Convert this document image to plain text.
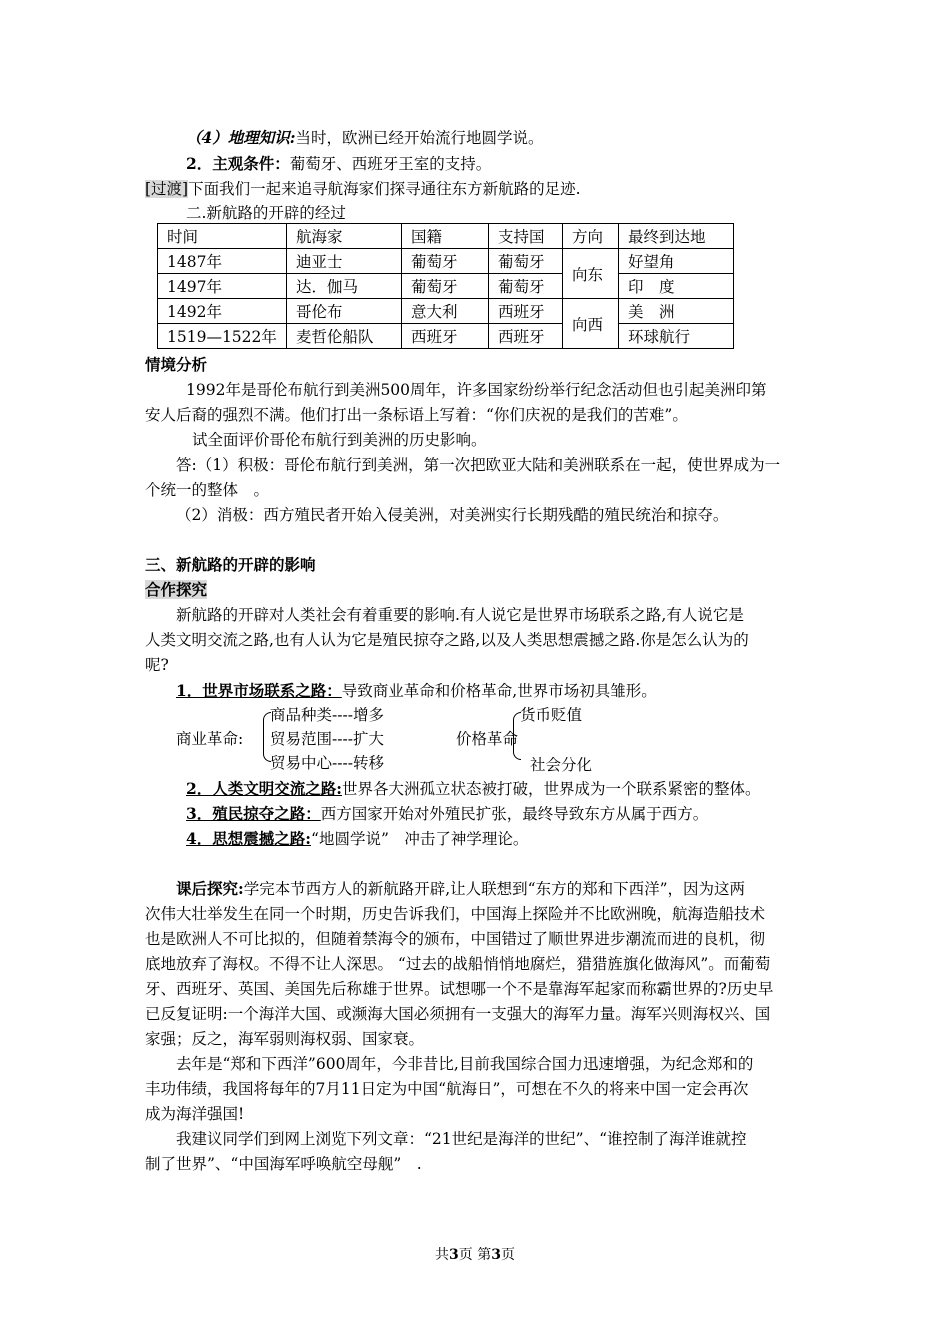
（4）地理知识:当时，欧洲已经开始流行地圆学说。
2．主观条件：葡萄牙、西班牙王室的支持。
[过渡]下面我们一起来追寻航海家们探寻通往东方新航路的足迹.
二.新航路的开辟的经过
时间	航海家	国籍	支持国	方向	最终到达地
1487年	迪亚士	葡萄牙	葡萄牙	向东	好望角
1497年	达．伽马	葡萄牙	葡萄牙		印　度
1492年	哥伦布	意大利	西班牙	向西	美　洲
1519—1522年	麦哲伦船队	西班牙	西班牙		环球航行
情境分析
1992年是哥伦布航行到美洲500周年，许多国家纷纷举行纪念活动但也引起美洲印第
安人后裔的强烈不满。他们打出一条标语上写着：“你们庆祝的是我们的苦难”。
试全面评价哥伦布航行到美洲的历史影响。
答:（1）积极：哥伦布航行到美洲，第一次把欧亚大陆和美洲联系在一起，使世界成为一
个统一的整体　。
（2）消极：西方殖民者开始入侵美洲，对美洲实行长期残酷的殖民统治和掠夺。
三、新航路的开辟的影响
合作探究
新航路的开辟对人类社会有着重要的影响.有人说它是世界市场联系之路,有人说它是
人类文明交流之路,也有人认为它是殖民掠夺之路,以及人类思想震撼之路.你是怎么认为的
呢?
1．世界市场联系之路：导致商业革命和价格革命,世界市场初具雏形。
商业革命:
商品种类----增多
贸易范围----扩大
贸易中心----转移
价格革命
货币贬值
社会分化
2．人类文明交流之路:世界各大洲孤立状态被打破，世界成为一个联系紧密的整体。
3．殖民掠夺之路：西方国家开始对外殖民扩张，最终导致东方从属于西方。
4．思想震撼之路:“地圆学说”　冲击了神学理论。
课后探究:学完本节西方人的新航路开辟,让人联想到“东方的郑和下西洋”，因为这两
次伟大壮举发生在同一个时期，历史告诉我们，中国海上探险并不比欧洲晚，航海造船技术
也是欧洲人不可比拟的，但随着禁海令的颁布，中国错过了顺世界进步潮流而进的良机，彻
底地放弃了海权。不得不让人深思。 “过去的战船悄悄地腐烂，猎猎旌旗化做海风”。而葡萄
牙、西班牙、英国、美国先后称雄于世界。试想哪一个不是靠海军起家而称霸世界的?历史早
已反复证明:一个海洋大国、或濒海大国必须拥有一支强大的海军力量。海军兴则海权兴、国
家强；反之，海军弱则海权弱、国家衰。
去年是“郑和下西洋”600周年，今非昔比,目前我国综合国力迅速增强，为纪念郑和的
丰功伟绩，我国将每年的7月11日定为中国“航海日”，可想在不久的将来中国一定会再次
成为海洋强国!
我建议同学们到网上浏览下列文章：“21世纪是海洋的世纪”、“谁控制了海洋谁就控
制了世界”、“中国海军呼唤航空母舰”　.
共3页 第3页
